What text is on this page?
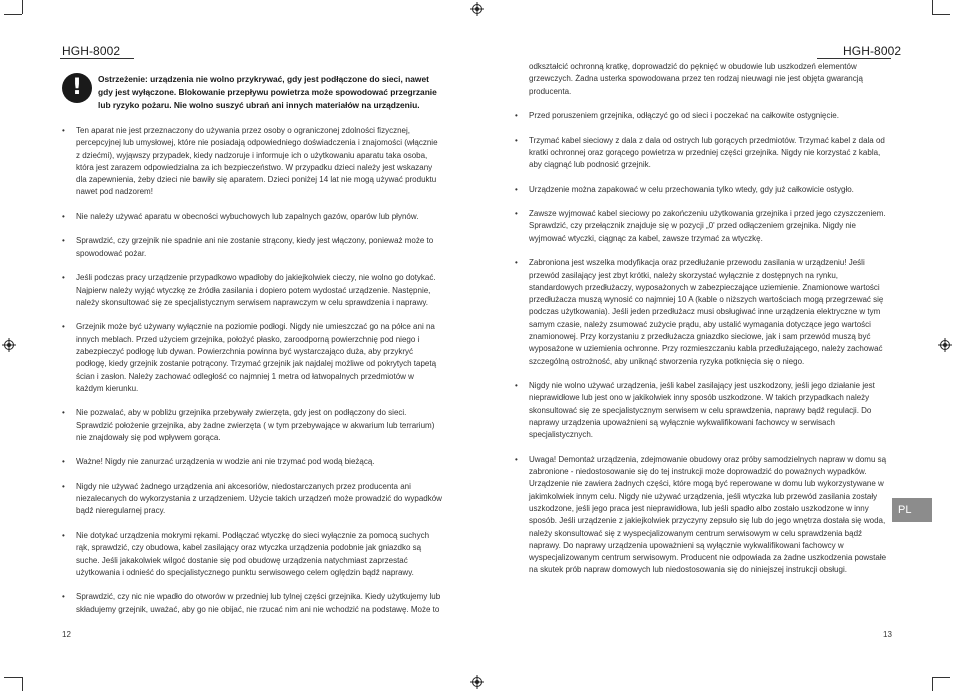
HGH-8002
!	Ostrzeżenie: urządzenia nie wolno przykrywać, gdy jest podłączone do sieci, nawet gdy jest wyłączone. Blokowanie przepływu powietrza może spowodować przegrzanie lub ryzyko pożaru. Nie wolno suszyć ubrań ani innych materiałów na urządzeniu.
• Ten aparat nie jest przeznaczony do używania przez osoby o ograniczonej zdolności fizycznej, percepcyjnej lub umysłowej, które nie posiadają odpowiedniego doświadczenia i znajomości (włącznie z dziećmi), wyjąwszy przypadek, kiedy nadzoruje i informuje ich o użytkowaniu aparatu taka osoba, która jest zarazem odpowiedzialna za ich bezpieczeństwo. W przypadku dzieci należy jest wskazany dla zapewnienia, żeby dzieci nie bawiły się aparatem. Dzieci poniżej 14 lat nie mogą używać produktu nawet pod nadzorem!
• Nie należy używać aparatu w obecności wybuchowych lub zapalnych gazów, oparów lub płynów.
• Sprawdzić, czy grzejnik nie spadnie ani nie zostanie strącony, kiedy jest włączony, ponieważ może to spowodować pożar.
• Jeśli podczas pracy urządzenie przypadkowo wpadłoby do jakiejkolwiek cieczy, nie wolno go dotykać. Najpierw należy wyjąć wtyczkę ze źródła zasilania i dopiero potem wydostać urządzenie. Następnie, należy skonsultować się ze specjalistycznym serwisem naprawczym w celu sprawdzenia i naprawy.
• Grzejnik może być używany wyłącznie na poziomie podłogi. Nigdy nie umieszczać go na półce ani na innych meblach. Przed użyciem grzejnika, położyć płasko, zaroodporną powierzchnię pod niego i zabezpieczyć podłogę lub dywan. Powierzchnia powinna być wystarczająco duża, aby przykryć podłogę, kiedy grzejnik zostanie potrącony. Trzymać grzejnik jak najdalej możliwe od pokrytych tapetą ścian i zasłon. Należy zachować odległość co najmniej 1 metra od łatwopalnych przedmiotów w każdym kierunku.
• Nie pozwalać, aby w pobliżu grzejnika przebywały zwierzęta, gdy jest on podłączony do sieci. Sprawdzić położenie grzejnika, aby żadne zwierzęta ( w tym przebywające w akwarium lub terrarium) nie znajdowały się pod wpływem gorąca.
• Ważne! Nigdy nie zanurzać urządzenia w wodzie ani nie trzymać pod wodą bieżącą.
• Nigdy nie używać żadnego urządzenia ani akcesoriów, niedostarczanych przez producenta ani niezalecanych do wykorzystania z urządzeniem. Użycie takich urządzeń może prowadzić do wypadków bądź nieregularnej pracy.
• Nie dotykać urządzenia mokrymi rękami. Podłączać wtyczkę do sieci wyłącznie za pomocą suchych rąk, sprawdzić, czy obudowa, kabel zasilający oraz wtyczka urządzenia podobnie jak gniazdko są suche. Jeśli jakakolwiek wilgoć dostanie się pod obudowę urządzenia natychmiast zaprzestać użytkowania i odnieść do specjalistycznego punktu serwisowego celem oględzin bądź naprawy.
• Sprawdzić, czy nic nie wpadło do otworów w przedniej lub tylnej części grzejnika. Kiedy użytkujemy lub składujemy grzejnik, uważać, aby go nie obijać, nie rzucać nim ani nie wchodzić na podstawę. Może to
12
HGH-8002
odkształcić ochronną kratkę, doprowadzić do pęknięć w obudowie lub uszkodzeń elementów grzewczych. Żadna usterka spowodowana przez ten rodzaj nieuwagi nie jest objęta gwarancją producenta.
• Przed poruszeniem grzejnika, odłączyć go od sieci i poczekać na całkowite ostygnięcie.
• Trzymać kabel sieciowy z dala z dala od ostrych lub gorących przedmiotów. Trzymać kabel z dala od kratki ochronnej oraz gorącego powietrza w przedniej części grzejnika. Nigdy nie korzystać z kabla, aby ciągnąć lub podnosić grzejnik.
• Urządzenie można zapakować w celu przechowania tylko wtedy, gdy już całkowicie ostygło.
• Zawsze wyjmować kabel sieciowy po zakończeniu użytkowania grzejnika i przed jego czyszczeniem. Sprawdzić, czy przełącznik znajduje się w pozycji „0' przed odłączeniem grzejnika. Nigdy nie wyjmować wtyczki, ciągnąc za kabel, zawsze trzymać za wtyczkę.
• Zabroniona jest wszelka modyfikacja oraz przedłużanie przewodu zasilania w urządzeniu! Jeśli przewód zasilający jest zbyt krótki, należy skorzystać wyłącznie z dostępnych na rynku, standardowych przedłużaczy, wyposażonych w zabezpieczające uziemienie. Znamionowe wartości przedłużacza muszą wynosić co najmniej 10 A (kable o niższych wartościach mogą przegrzewać się podczas użytkowania). Jeśli jeden przedłużacz musi obsługiwać inne urządzenia elektryczne w tym samym czasie, należy zsumować zużycie prądu, aby ustalić wymagania dotyczące jego wartości znamionowej. Przy korzystaniu z przedłużacza gniazdko sieciowe, jak i sam przewód muszą być wyposażone w uziemienia ochronne. Przy rozmieszczaniu kabla przedłużającego, należy zachować szczególną ostrożność, aby uniknąć stworzenia ryzyka potknięcia się o niego.
• Nigdy nie wolno używać urządzenia, jeśli kabel zasilający jest uszkodzony, jeśli jego działanie jest nieprawidłowe lub jest ono w jakikolwiek inny sposób uszkodzone. W takich przypadkach należy skonsultować się ze specjalistycznym serwisem w celu sprawdzenia, naprawy bądź regulacji. Do naprawy urządzenia upoważnieni są wyłącznie wykwalifikowani fachowcy w serwisach specjalistycznych.
• Uwaga! Demontaż urządzenia, zdejmowanie obudowy oraz próby samodzielnych napraw w domu są zabronione - niedostosowanie się do tej instrukcji może doprowadzić do poważnych wypadków. Urządzenie nie zawiera żadnych części, które mogą być reperowane w domu lub wykorzystywane w jakimkolwiek innym celu. Nigdy nie używać urządzenia, jeśli wtyczka lub przewód zasilania zostały uszkodzone, jeśli jego praca jest nieprawidłowa, lub jeśli spadło albo zostało uszkodzone w inny sposób. Jeśli urządzenie z jakiejkolwiek przyczyny zepsuło się lub do jego wnętrza dostała się woda, należy skonsultować się z wyspecjalizowanym centrum serwisowym w celu sprawdzenia bądź naprawy. Do naprawy urządzenia upoważnieni są wyłącznie wykwalifikowani fachowcy w wyspecjalizowanym centrum serwisowym. Producent nie odpowiada za żadne uszkodzenia powstałe na skutek prób napraw domowych lub niedostosowania się do niniejszej instrukcji obsługi.
13
PL
